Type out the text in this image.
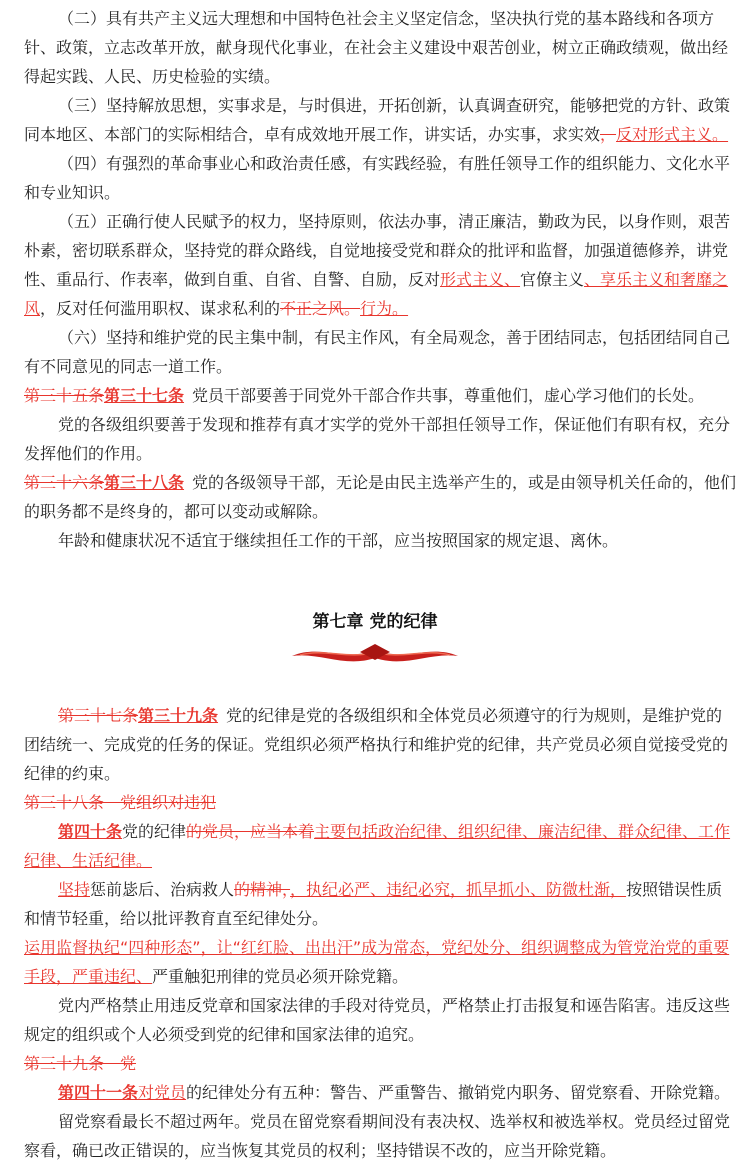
（二）具有共产主义远大理想和中国特色社会主义坚定信念，坚决执行党的基本路线和各项方针、政策，立志改革开放，献身现代化事业，在社会主义建设中艰苦创业，树立正确政绩观，做出经得起实践、人民、历史检验的实绩。

（三）坚持解放思想，实事求是，与时俱进，开拓创新，认真调查研究，能够把党的方针、政策同本地区、本部门的实际相结合，卓有成效地开展工作，讲实话，办实事，求实效，反对形式主义。

（四）有强烈的革命事业心和政治责任感，有实践经验，有胜任领导工作的组织能力、文化水平和专业知识。

（五）正确行使人民赋予的权力，坚持原则，依法办事，清正廉洁，勤政为民，以身作则，艰苦朴素，密切联系群众，坚持党的群众路线，自觉地接受党和群众的批评和监督，加强道德修养，讲党性、重品行、作表率，做到自重、自省、自警、自励，反对形式主义、官僚主义、享乐主义和奢靡之风，反对任何滥用职权、谋求私利的不正之风。行为。

（六）坚持和维护党的民主集中制，有民主作风，有全局观念，善于团结同志，包括团结同自己有不同意见的同志一道工作。

第三十五条第三十七条  党员干部要善于同党外干部合作共事，尊重他们，虚心学习他们的长处。

党的各级组织要善于发现和推荐有真才实学的党外干部担任领导工作，保证他们有职有权，充分发挥他们的作用。

第三十六条第三十八条  党的各级领导干部，无论是由民主选举产生的，或是由领导机关任命的，他们的职务都不是终身的，都可以变动或解除。

年龄和健康状况不适宜于继续担任工作的干部，应当按照国家的规定退、离休。

第七章 党的纪律

第三十七条第三十九条  党的纪律是党的各级组织和全体党员必须遵守的行为规则，是维护党的团结统一、完成党的任务的保证。党组织必须严格执行和维护党的纪律，共产党员必须自觉接受党的纪律的约束。

第三十八条　党组织对违犯

第四十条党的纪律的党员，应当本着主要包括政治纪律、组织纪律、廉洁纪律、群众纪律、工作纪律、生活纪律。

坚持惩前毖后、治病救人的精神，，执纪必严、违纪必究，抓早抓小、防微杜渐，按照错误性质和情节轻重，给以批评教育直至纪律处分。

运用监督执纪“四种形态”，让“红红脸、出出汗”成为常态，党纪处分、组织调整成为管党治党的重要手段，严重违纪、严重触犯刑律的党员必须开除党籍。

党内严格禁止用违反党章和国家法律的手段对待党员，严格禁止打击报复和诬告陷害。违反这些规定的组织或个人必须受到党的纪律和国家法律的追究。

第三十九条　党

第四十一条对党员的纪律处分有五种：警告、严重警告、撤销党内职务、留党察看、开除党籍。

留党察看最长不超过两年。党员在留党察看期间没有表决权、选举权和被选举权。党员经过留党察看，确已改正错误的，应当恢复其党员的权利；坚持错误不改的，应当开除党籍。
